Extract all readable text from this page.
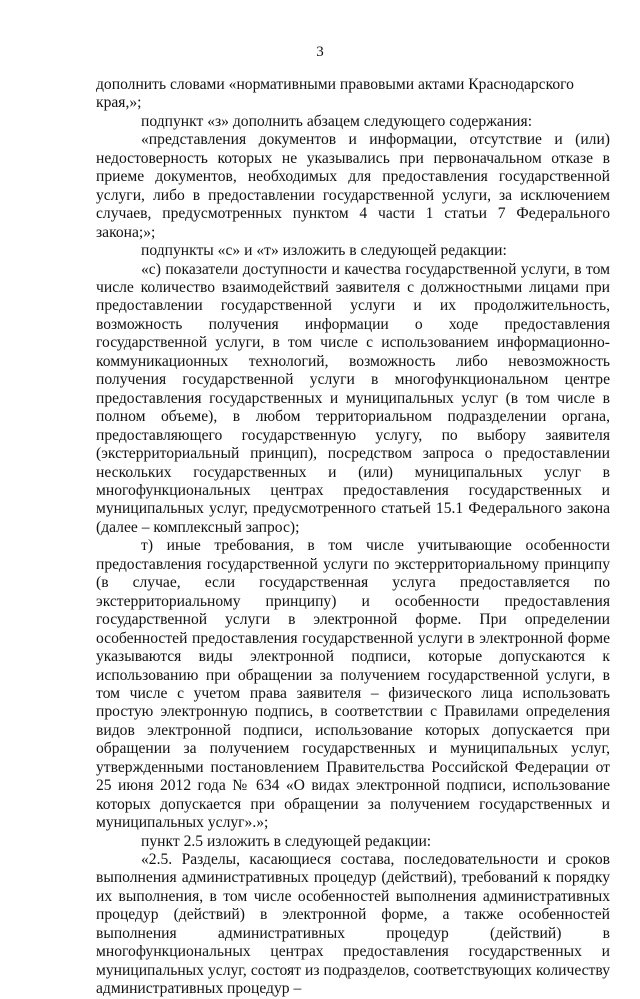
3

дополнить словами «нормативными правовыми актами Краснодарского края,»;

подпункт «з» дополнить абзацем следующего содержания:

«представления документов и информации, отсутствие и (или) недостоверность которых не указывались при первоначальном отказе в приеме документов, необходимых для предоставления государственной услуги, либо в предоставлении государственной услуги, за исключением случаев, предусмотренных пунктом 4 части 1 статьи 7 Федерального закона;»;

подпункты «с» и «т» изложить в следующей редакции:

«с) показатели доступности и качества государственной услуги, в том числе количество взаимодействий заявителя с должностными лицами при предоставлении государственной услуги и их продолжительность, возможность получения информации о ходе предоставления государственной услуги, в том числе с использованием информационно-коммуникационных технологий, возможность либо невозможность получения государственной услуги в многофункциональном центре предоставления государственных и муниципальных услуг (в том числе в полном объеме), в любом территориальном подразделении органа, предоставляющего государственную услугу, по выбору заявителя (экстерриториальный принцип), посредством запроса о предоставлении нескольких государственных и (или) муниципальных услуг в многофункциональных центрах предоставления государственных и муниципальных услуг, предусмотренного статьей 15.1 Федерального закона (далее – комплексный запрос);

т) иные требования, в том числе учитывающие особенности предоставления государственной услуги по экстерриториальному принципу (в случае, если государственная услуга предоставляется по экстерриториальному принципу) и особенности предоставления государственной услуги в электронной форме. При определении особенностей предоставления государственной услуги в электронной форме указываются виды электронной подписи, которые допускаются к использованию при обращении за получением государственной услуги, в том числе с учетом права заявителя – физического лица использовать простую электронную подпись, в соответствии с Правилами определения видов электронной подписи, использование которых допускается при обращении за получением государственных и муниципальных услуг, утвержденными постановлением Правительства Российской Федерации от 25 июня 2012 года № 634 «О видах электронной подписи, использование которых допускается при обращении за получением государственных и муниципальных услуг».»;

пункт 2.5 изложить в следующей редакции:

«2.5. Разделы, касающиеся состава, последовательности и сроков выполнения административных процедур (действий), требований к порядку их выполнения, в том числе особенностей выполнения административных процедур (действий) в электронной форме, а также особенностей выполнения административных процедур (действий) в многофункциональных центрах предоставления государственных и муниципальных услуг, состоят из подразделов, соответствующих количеству административных процедур –
